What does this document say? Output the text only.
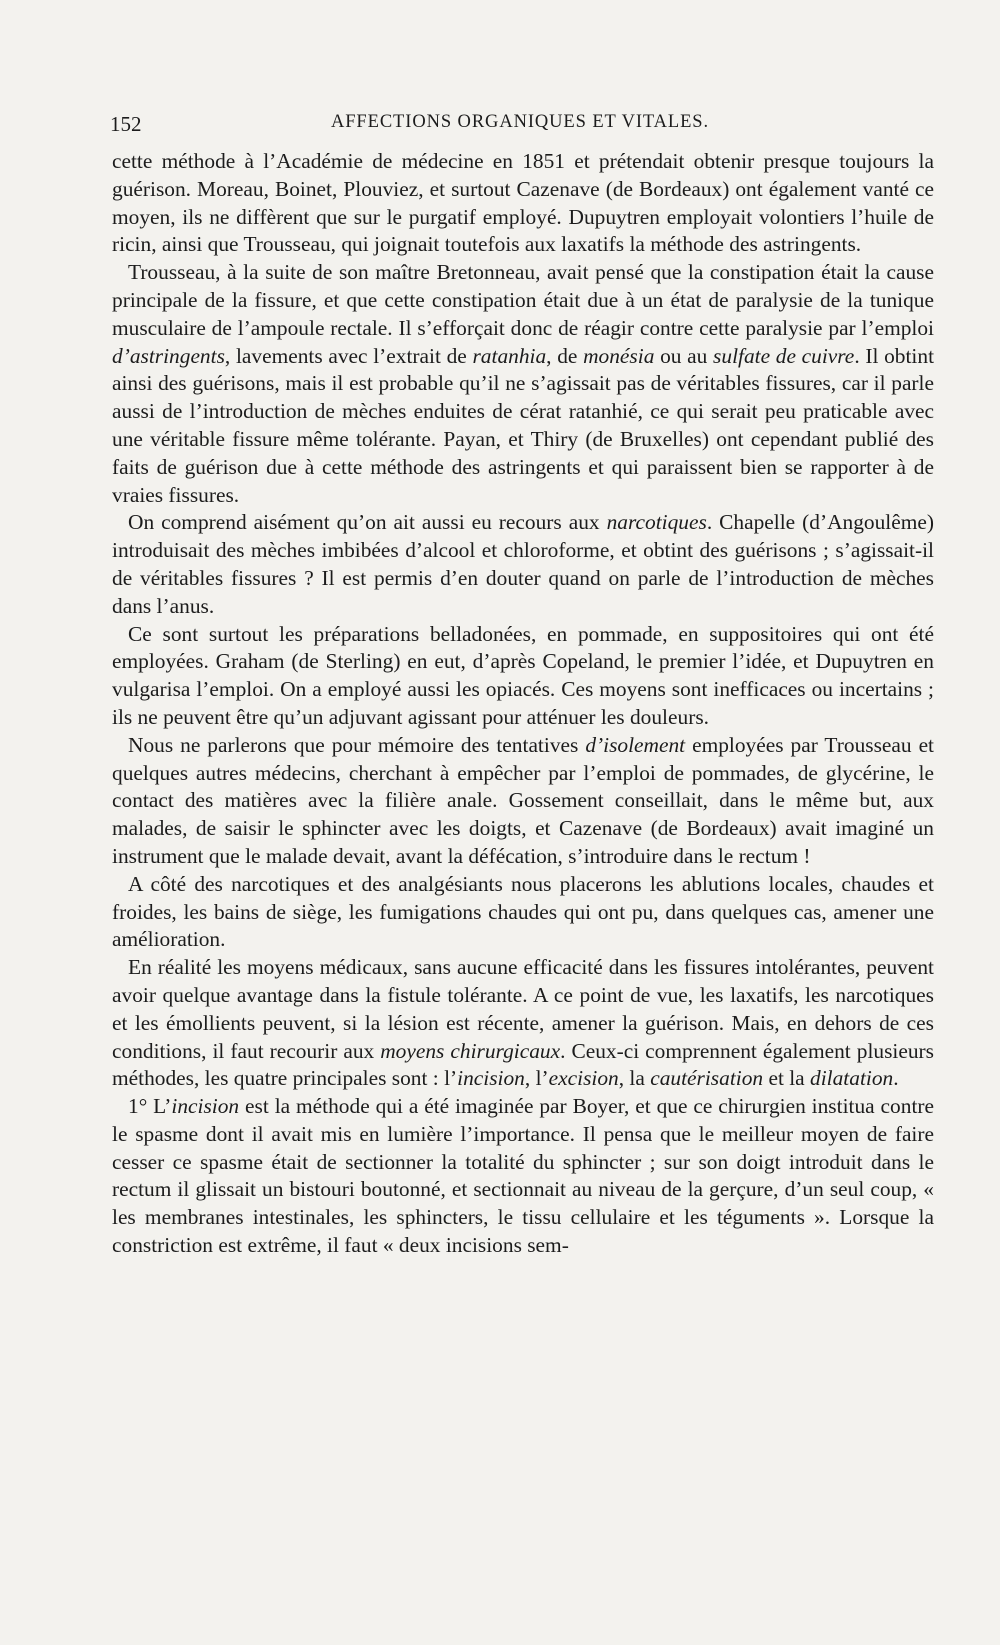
152	AFFECTIONS ORGANIQUES ET VITALES.

cette méthode à l’Académie de médecine en 1851 et prétendait obtenir presque toujours la guérison. Moreau, Boinet, Plouviez, et surtout Cazenave (de Bordeaux) ont également vanté ce moyen, ils ne diffèrent que sur le purgatif employé. Dupuytren employait volontiers l’huile de ricin, ainsi que Trousseau, qui joignait toutefois aux laxatifs la méthode des astringents.

Trousseau, à la suite de son maître Bretonneau, avait pensé que la constipation était la cause principale de la fissure, et que cette constipation était due à un état de paralysie de la tunique musculaire de l’ampoule rectale. Il s’efforçait donc de réagir contre cette paralysie par l’emploi d’astringents, lavements avec l’extrait de ratanhia, de monésia ou au sulfate de cuivre. Il obtint ainsi des guérisons, mais il est probable qu’il ne s’agissait pas de véritables fissures, car il parle aussi de l’introduction de mèches enduites de cérat ratanhié, ce qui serait peu praticable avec une véritable fissure même tolérante. Payan, et Thiry (de Bruxelles) ont cependant publié des faits de guérison due à cette méthode des astringents et qui paraissent bien se rapporter à de vraies fissures.

On comprend aisément qu’on ait aussi eu recours aux narcotiques. Chapelle (d’Angoulême) introduisait des mèches imbibées d’alcool et chloroforme, et obtint des guérisons ; s’agissait-il de véritables fissures ? Il est permis d’en douter quand on parle de l’introduction de mèches dans l’anus.

Ce sont surtout les préparations belladonées, en pommade, en suppositoires qui ont été employées. Graham (de Sterling) en eut, d’après Copeland, le premier l’idée, et Dupuytren en vulgarisa l’emploi. On a employé aussi les opiacés. Ces moyens sont inefficaces ou incertains ; ils ne peuvent être qu’un adjuvant agissant pour atténuer les douleurs.

Nous ne parlerons que pour mémoire des tentatives d’isolement employées par Trousseau et quelques autres médecins, cherchant à empêcher par l’emploi de pommades, de glycérine, le contact des matières avec la filière anale. Gossement conseillait, dans le même but, aux malades, de saisir le sphincter avec les doigts, et Cazenave (de Bordeaux) avait imaginé un instrument que le malade devait, avant la défécation, s’introduire dans le rectum !

A côté des narcotiques et des analgésiants nous placerons les ablutions locales, chaudes et froides, les bains de siège, les fumigations chaudes qui ont pu, dans quelques cas, amener une amélioration.

En réalité les moyens médicaux, sans aucune efficacité dans les fissures intolérantes, peuvent avoir quelque avantage dans la fistule tolérante. A ce point de vue, les laxatifs, les narcotiques et les émollients peuvent, si la lésion est récente, amener la guérison. Mais, en dehors de ces conditions, il faut recourir aux moyens chirurgicaux. Ceux-ci comprennent également plusieurs méthodes, les quatre principales sont : l’incision, l’excision, la cautérisation et la dilatation.

1° L’incision est la méthode qui a été imaginée par Boyer, et que ce chirurgien institua contre le spasme dont il avait mis en lumière l’importance. Il pensa que le meilleur moyen de faire cesser ce spasme était de sectionner la totalité du sphincter ; sur son doigt introduit dans le rectum il glissait un bistouri boutonné, et sectionnait au niveau de la gerçure, d’un seul coup, « les membranes intestinales, les sphincters, le tissu cellulaire et les téguments ». Lorsque la constriction est extrême, il faut « deux incisions sem-
